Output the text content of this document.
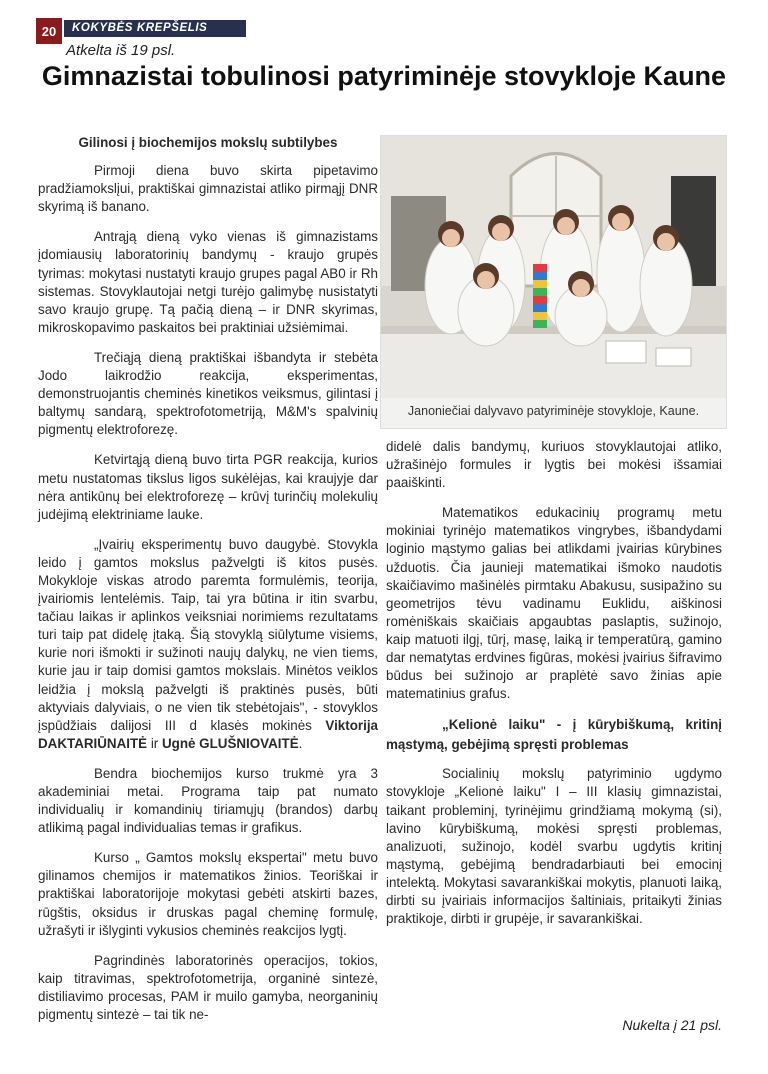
20	KOKYBĖS KREPŠELIS
Atkelta iš 19 psl.
Gimnazistai tobulinosi patyriminėje stovykloje Kaune
Gilinosi į biochemijos mokslų subtilybes

Pirmoji diena buvo skirta pipetavimo pradžiamokslįui, praktiškai gimnazistai atliko pirmąjį DNR skyrimą iš banano.

Antrąją dieną vyko vienas iš gimnazistams įdomiausių laboratorinių bandymų - kraujo grupės tyrimas: mokytasi nustatyti kraujo grupes pagal AB0 ir Rh sistemas. Stovyklautojai netgi turėjo galimybę nusistatyti savo kraujo grupę. Tą pačią dieną – ir DNR skyrimas, mikroskopavimo paskaitos bei praktiniai užsiėmimai.

Trečiąją dieną praktiškai išbandyta ir stebėta Jodo laikrodžio reakcija, eksperimentas, demonstruojantis cheminės kinetikos veiksmus, gilintasi į baltymų sandarą, spektrofotometriją, M&M's spalvinių pigmentų elektroforezę.

Ketvirtąją dieną buvo tirta PGR reakcija, kurios metu nustatomas tikslus ligos sukėlėjas, kai kraujyje dar nėra antikūnų bei elektroforezę – krūvį turinčių molekulių judėjimą elektriniame lauke.

„Įvairių eksperimentų buvo daugybė. Stovykla leido į gamtos mokslus pažvelgti iš kitos pusės. Mokykloje viskas atrodo paremta formulėmis, teorija, įvairiomis lentelėmis. Taip, tai yra būtina ir itin svarbu, tačiau laikas ir aplinkos veiksniai norimiems rezultatams turi taip pat didelę įtaką. Šią stovyklą siūlytume visiems, kurie nori išmokti ir sužinoti naujų dalykų, ne vien tiems, kurie jau ir taip domisi gamtos mokslais. Minėtos veiklos leidžia į mokslą pažvelgti iš praktinės pusės, būti aktyviais dalyviais, o ne vien tik stebėtojais", - stovyklos įspūdžiais dalijosi III d klasės mokinės Viktorija DAKTARIŪNAITĖ ir Ugnė GLUŠNIOVAITĖ.

Bendra biochemijos kurso trukmė yra 3 akademiniai metai. Programa taip pat numato individualių ir komandinių tiriamųjų (brandos) darbų atlikimą pagal individualias temas ir grafikus.

Kurso „ Gamtos mokslų ekspertai" metu buvo gilinamos chemijos ir matematikos žinios. Teoriškai ir praktiškai laboratorijoje mokytasi gebėti atskirti bazes, rūgštis, oksidus ir druskas pagal cheminę formulę, užrašyti ir išlyginti vykusios cheminės reakcijos lygtį.

Pagrindinės laboratorinės operacijos, tokios, kaip titravimas, spektrofotometrija, organinė sintezė, distiliavimo procesas, PAM ir muilo gamyba, neorganinių pigmentų sintezė – tai tik ne-

Janoniečiai dalyvavo patyriminėje stovykloje, Kaune.

didelė dalis bandymų, kuriuos stovyklautojai atliko, užrašinėjo formules ir lygtis bei mokėsi išsamiai paaiškinti.

Matematikos edukacinių programų metu mokiniai tyrinėjo matematikos vingrybes, išbandydami loginio mąstymo galias bei atlikdami įvairias kūrybines užduotis. Čia jaunieji matematikai išmoko naudotis skaičiavimo mašinėlės pirmtaku Abakusu, susipažino su geometrijos tėvu vadinamu Euklidu, aiškinosi romėniškais skaičiais apgaubtas paslaptis, sužinojo, kaip matuoti ilgį, tūrį, masę, laiką ir temperatūrą, gamino dar nematytas erdvines figūras, mokėsi įvairius šifravimo būdus bei sužinojo ar praplėtė savo žinias apie matematinius grafus.

„Kelionė laiku" - į kūrybiškumą, kritinį mąstymą, gebėjimą spręsti problemas

Socialinių mokslų patyriminio ugdymo stovykloje „Kelionė laiku" I – III klasių gimnazistai, taikant probleminį, tyrinėjimu grindžiamą mokymą (si), lavino kūrybiškumą, mokėsi spręsti problemas, analizuoti, sužinojo, kodėl svarbu ugdytis kritinį mąstymą, gebėjimą bendradarbiauti bei emocinį intelektą. Mokytasi savarankiškai mokytis, planuoti laiką, dirbti su įvairiais informacijos šaltiniais, pritaikyti žinias praktikoje, dirbti ir grupėje, ir savarankiškai.

Nukelta į 21 psl.
